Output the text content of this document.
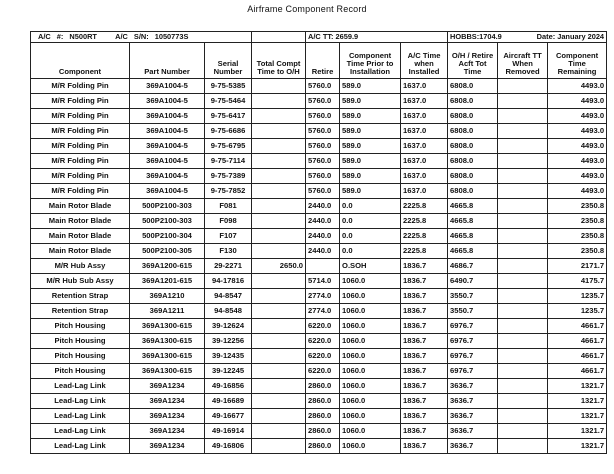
Airframe Component Record
A/C #: N500RT A/C S/N: 1050773S				A/C TT: 2659.9			HOBBS:1704.9 Date: January 2024		

Component	Part Number	Serial Number	Total Compt Time to O/H	Retire	Component Time Prior to Installation	A/C Time when Installed	O/H / Retire Acft Tot Time	Aircraft TT When Removed	Component Time Remaining
M/R Folding Pin	369A1004-5	9-75-5385		5760.0	589.0	1637.0	6808.0		4493.0
M/R Folding Pin	369A1004-5	9-75-5464		5760.0	589.0	1637.0	6808.0		4493.0
M/R Folding Pin	369A1004-5	9-75-6417		5760.0	589.0	1637.0	6808.0		4493.0
M/R Folding Pin	369A1004-5	9-75-6686		5760.0	589.0	1637.0	6808.0		4493.0
M/R Folding Pin	369A1004-5	9-75-6795		5760.0	589.0	1637.0	6808.0		4493.0
M/R Folding Pin	369A1004-5	9-75-7114		5760.0	589.0	1637.0	6808.0		4493.0
M/R Folding Pin	369A1004-5	9-75-7389		5760.0	589.0	1637.0	6808.0		4493.0
M/R Folding Pin	369A1004-5	9-75-7852		5760.0	589.0	1637.0	6808.0		4493.0
Main Rotor Blade	500P2100-303	F081		2440.0	0.0	2225.8	4665.8		2350.8
Main Rotor Blade	500P2100-303	F098		2440.0	0.0	2225.8	4665.8		2350.8
Main Rotor Blade	500P2100-304	F107		2440.0	0.0	2225.8	4665.8		2350.8
Main Rotor Blade	500P2100-305	F130		2440.0	0.0	2225.8	4665.8		2350.8
M/R Hub Assy	369A1200-615	29-2271	2650.0		O.SOH	1836.7	4686.7		2171.7
M/R Hub Sub Assy	369A1201-615	94-17816		5714.0	1060.0	1836.7	6490.7		4175.7
Retention Strap	369A1210	94-8547		2774.0	1060.0	1836.7	3550.7		1235.7
Retention Strap	369A1211	94-8548		2774.0	1060.0	1836.7	3550.7		1235.7
Pitch Housing	369A1300-615	39-12624		6220.0	1060.0	1836.7	6976.7		4661.7
Pitch Housing	369A1300-615	39-12256		6220.0	1060.0	1836.7	6976.7		4661.7
Pitch Housing	369A1300-615	39-12435		6220.0	1060.0	1836.7	6976.7		4661.7
Pitch Housing	369A1300-615	39-12245		6220.0	1060.0	1836.7	6976.7		4661.7
Lead-Lag Link	369A1234	49-16856		2860.0	1060.0	1836.7	3636.7		1321.7
Lead-Lag Link	369A1234	49-16689		2860.0	1060.0	1836.7	3636.7		1321.7
Lead-Lag Link	369A1234	49-16677		2860.0	1060.0	1836.7	3636.7		1321.7
Lead-Lag Link	369A1234	49-16914		2860.0	1060.0	1836.7	3636.7		1321.7
Lead-Lag Link	369A1234	49-16806		2860.0	1060.0	1836.7	3636.7		1321.7
